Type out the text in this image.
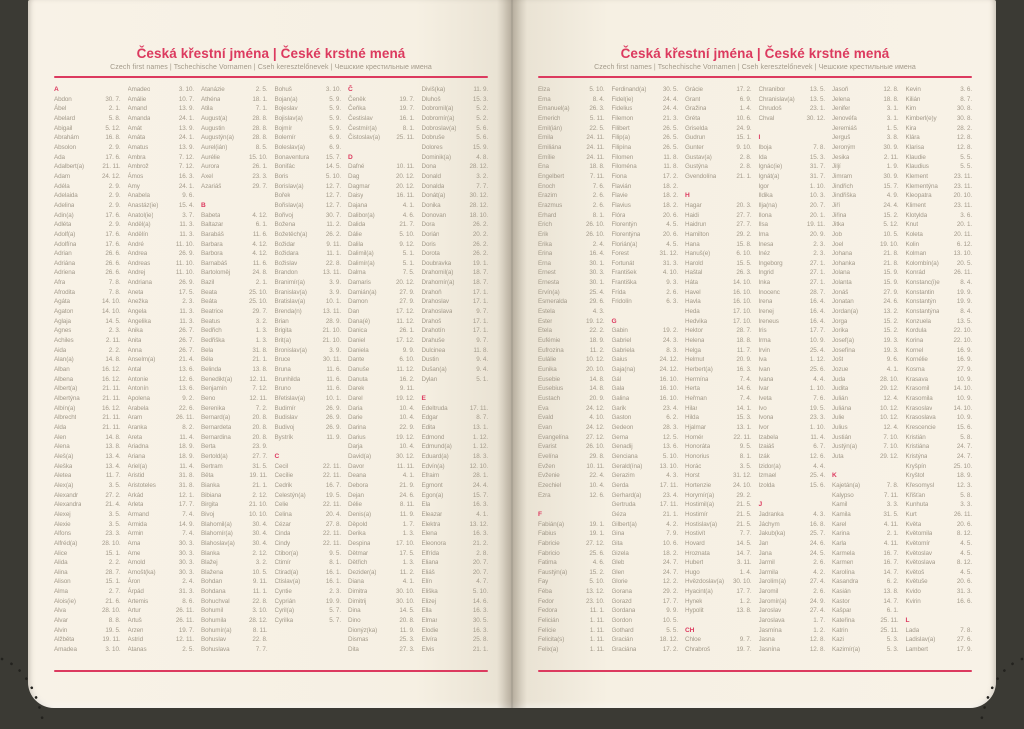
Česká křestní jména | České krstné mená
Czech first names | Tschechische Vornamen | Cseh keresztelőnevek | Чешские крестильные имена
A
Abdon	30. 7.
Ábel	2. 1.
Abelard	5. 8.
Abigail	5. 12.
Abrahám	16. 8.
Absolon	2. 9.
Ada	17. 6.
Adalbert(a)	21. 11.
Adam	24. 12.
Adéla	2. 9.
Adelaida	2. 9.
Adelina	2. 9.
Adin(a)	17. 6.
Adléta	2. 9.
Adolf(a)	17. 6.
Adolfína	17. 6.
Adrian	26. 6.
Adriána	26. 6.
Adriena	26. 6.
Afra	7. 8.
Afrodita	7. 8.
Agáta	14. 10.
Agaton	14. 10.
Aglaja	14. 5.
Agnes	2. 3.
Achiles	2. 11.
Aida	2. 2.
Alan(a)	14. 8.
Alban	16. 12.
Albena	16. 12.
Albert(a)	21. 11.
Albertýna	21. 11.
Albín(a)	16. 12.
Albrecht	21. 11.
Alda	21. 11.
Alen	14. 8.
Alena	13. 8.
Aleš(a)	13. 4.
Aleška	13. 4.
Aletea	11. 7.
Alex(a)	3. 5.
Alexandr	27. 2.
Alexandra	21. 4.
Alexej	3. 5.
Alexie	3. 5.
Alfons	23. 3.
Alfréd(a)	28. 10.
Alice	15. 1.
Alida	2. 2.
Alina	28. 7.
Alison	15. 1.
Alma	2. 7.
Alois(ie)	21. 6.
Alva	28. 10.
Alvar	8. 8.
Alvin	19. 5.
Alžběta	19. 11.
Amadea	3. 10.
Amadeo	3. 10.
Amálie	10. 7.
Amand	13. 9.
Amanda	24. 1.
Amát	13. 9.
Amáta	24. 1.
Amatus	13. 9.
Ambra	7. 12.
Ambrož	7. 12.
Ámos	16. 3.
Amy	24. 1.
Anabela	9. 6.
Anastáz(ie)	15. 4.
Anatol(ie)	3. 7.
Anděl(a)	11. 3.
Andělín	11. 3.
André	11. 10.
Andrea	26. 9.
Andreas	11. 10.
Andrej	11. 10.
Andriana	26. 9.
Aneta	17. 5.
Anežka	2. 3.
Angela	11. 3.
Angelika	11. 3.
Anika	26. 7.
Anita	26. 7.
Anna	26. 7.
Anselm(a)	21. 4.
Antal	13. 6.
Antonie	12. 6.
Antonín	13. 6.
Apolena	9. 2.
Arabela	22. 6.
Aram	26. 11.
Aranka	8. 2.
Areta	11. 4.
Ariadna	18. 9.
Ariana	18. 9.
Ariel(a)	11. 4.
Aristid	31. 8.
Aristoteles	31. 8.
Arkád	12. 1.
Arleta	17. 7.
Armand	7. 4.
Armida	14. 9.
Armin	7. 4.
Arna	30. 3.
Arne	30. 3.
Arnold	30. 3.
Arnošt(ka)	30. 3.
Áron	2. 4.
Árpád	31. 3.
Artemis	8. 6.
Artur	26. 11.
Artuš	26. 11.
Arzen	19. 7.
Astrid	12. 11.
Atanas	2. 5.
Atanázie	2. 5.
Athéna	18. 1.
Atila	7. 1.
August(a)	28. 8.
Augustin	28. 8.
Augustýn(a)	28. 8.
Aurel(ián)	8. 5.
Aurélie	15. 10.
Aurora	26. 1.
Axel	23. 3.
Azariáš	29. 7.
B
Babeta	4. 12.
Baltazar	6. 1.
Barabáš	11. 6.
Barbara	4. 12.
Barbora	4. 12.
Barnabáš	11. 6.
Bartoloměj	24. 8.
Bazil	2. 1.
Beata	25. 10.
Beáta	25. 10.
Beatrice	29. 7.
Beatus	3. 2.
Bedřich	1. 3.
Bedřiška	1. 3.
Bela	31. 8.
Béla	21. 1.
Belinda	13. 8.
Benedikt(a)	12. 11.
Benjamín	7. 12.
Beno	12. 11.
Berenika	7. 2.
Bernard(a)	20. 8.
Bernardeta	20. 8.
Bernardina	20. 8.
Berta	23. 9.
Bertold(a)	27. 7.
Bertram	31. 5.
Běta	19. 11.
Bianka	21. 1.
Bibiana	2. 12.
Birgita	21. 10.
Bivoj	10. 10.
Blahomil(a)	30. 4.
Blahomír(a)	30. 4.
Blahoslav(a)	30. 4.
Blanka	2. 12.
Blažej	3. 2.
Blažena	10. 5.
Bohdan	9. 11.
Bohdana	11. 1.
Bohuchval	22. 8.
Bohumil	3. 10.
Bohumila	28. 12.
Bohumír(a)	8. 11.
Bohuslav	22. 8.
Bohuslava	7. 7.
Bohuš	3. 10.
Bojan(a)	5. 9.
Bojeslav	5. 9.
Bojislav(a)	5. 9.
Bojmír	5. 9.
Bolemír	6. 9.
Boleslav(a)	6. 9.
Bonaventura	15. 7.
Bonifác	14. 5.
Boris	5. 10.
Borislav(a)	12. 7.
Bořek	12. 7.
Bořislav(a)	12. 7.
Bořivoj	30. 7.
Božena	11. 2.
Božetěch(a)	26. 2.
Božidar	9. 11.
Božidara	11. 1.
Božislav	22. 8.
Brandon	13. 11.
Branimír(a)	3. 9.
Branislav(a)	3. 9.
Bratislav(a)	10. 1.
Brenda(n)	13. 11.
Brian	28. 9.
Brigita	21. 10.
Brit(a)	21. 10.
Bronislav(a)	3. 9.
Bruce	30. 11.
Bruna	11. 6.
Brunhilda	11. 6.
Bruno	11. 6.
Břetislav(a)	10. 1.
Budimír	26. 9.
Budislav	26. 9.
Budivoj	26. 9.
Bystrík	11. 9.
C
Cecil	22. 11.
Cecílie	22. 11.
Cedrik	16. 7.
Celestýn(a)	19. 5.
Celie	22. 11.
Celina	20. 4.
Cézar	27. 8.
Cinda	22. 11.
Cindy	22. 11.
Ctibor(a)	9. 5.
Ctimír	8. 1.
Ctirad(a)	16. 1.
Ctislav(a)	16. 1.
Cyntie	2. 3.
Cyprián	19. 9.
Cyril(a)	5. 7.
Cyrilka	5. 7.
Č
Čeněk	19. 7.
Čeňka	19. 7.
Čestislav	16. 1.
Čestmír(a)	8. 1.
Čistoslav(a)	25. 11.
D
Dafné	10. 11.
Dag	20. 12.
Dagmar	20. 12.
Daisy	16. 11.
Dajana	4. 1.
Dalibor(a)	4. 6.
Dalida	21. 7.
Dálie	5. 10.
Dalila	9. 12.
Dalimil(a)	5. 1.
Dalimír(a)	5. 1.
Dalma	7. 5.
Damaris	20. 12.
Damián(a)	27. 9.
Damon	27. 9.
Dan	17. 12.
Dana(é)	11. 12.
Danica	26. 1.
Daniel	17. 12.
Daniela	9. 9.
Dante	6. 10.
Danuše	11. 12.
Danuta	16. 2.
Darek	9. 11.
Darel	19. 12.
Daria	10. 4.
Darie	10. 4.
Darina	22. 9.
Darius	19. 12.
Darja	10. 4.
David(a)	30. 12.
Davor	11. 11.
Deana	4. 1.
Debora	21. 9.
Dejan	24. 6.
Délie	8. 11.
Denis(a)	11. 9.
Děpold	1. 7.
Derika	1. 3.
Despina	17. 10.
Dětmar	17. 5.
Dětřich	1. 3.
Dezider(a)	11. 2.
Diana	4. 1.
Dimitra	30. 10.
Dimitrij	30. 10.
Dina	14. 5.
Dino	20. 8.
Dionýz(ka)	11. 9.
Dismas	25. 3.
Dita	27. 3.
Diviš(ka)	11. 9.
Dluhoš	15. 3.
Dobromil(a)	5. 2.
Dobromír(a)	5. 2.
Dobroslav(a)	5. 6.
Dobruše	5. 6.
Dolores	15. 9.
Dominik(a)	4. 8.
Dona	28. 12.
Donald	3. 2.
Donalda	7. 7.
Donát(a)	30. 12.
Donika	28. 12.
Donovan	18. 10.
Dora	26. 2.
Dorián	20. 2.
Doris	26. 2.
Dorota	26. 2.
Doubravka	19. 1.
Drahomil(a)	18. 7.
Drahomír(a)	18. 7.
Drahoň	17. 1.
Drahoslav	17. 1.
Drahoslava	9. 7.
Drahoš	17. 1.
Drahotín	17. 1.
Drahuše	9. 7.
Dulcinea	11. 8.
Dustin	9. 4.
Dušan(a)	9. 4.
Dylan	5. 1.
E
Edeltruda	17. 11.
Edgar	8. 7.
Edita	13. 1.
Edmond	1. 12.
Edmund(a)	1. 12.
Eduard(a)	18. 3.
Edvín(a)	12. 10.
Efraim	28. 1.
Egmont	24. 4.
Egon(a)	15. 7.
Ela	16. 3.
Eleazar	4. 1.
Elektra	13. 12.
Elena	16. 3.
Eleonora	21. 2.
Elfrída	2. 8.
Eliana	20. 7.
Eliáš	20. 7.
Elín	4. 7.
Eliška	5. 10.
Elizej	14. 6.
Ella	16. 3.
Elmar	30. 5.
Elodie	16. 3.
Elvíra	25. 8.
Elvis	21. 1.
Česká křestní jména | České krstné mená
Czech first names | Tschechische Vornamen | Cseh keresztelőnevek | Чешские крестильные имена
Elza	5. 10.
Ema	8. 4.
Emanuel(a)	26. 3.
Emerich	5. 11.
Emil(ián)	22. 5.
Emila	24. 11.
Emiliána	24. 11.
Emílie	24. 11.
Ena	18. 8.
Engelbert	7. 11.
Enoch	7. 6.
Erazim	2. 6.
Erazmus	2. 6.
Erhard	8. 1.
Erich	26. 10.
Erik	26. 10.
Erika	2. 4.
Erina	16. 4.
Erna	30. 1.
Ernest	30. 3.
Ernesta	30. 1.
Ervín(a)	25. 4.
Esmeralda	29. 6.
Estela	4. 3.
Ester	19. 12.
Etela	22. 2.
Eufémie	18. 9.
Eufrozina	11. 2.
Eulálie	10. 12.
Eunika	20. 10.
Eusebie	14. 8.
Eusebius	14. 8.
Eustach	20. 9.
Eva	24. 12.
Evald	4. 10.
Evan	24. 12.
Evangelína	27. 12.
Evarist	26. 10.
Evelína	29. 8.
Evžen	10. 11.
Evženie	22. 4.
Ezechiel	10. 4.
Ezra	12. 6.
F
Fabián(a)	19. 1.
Fabius	19. 1.
Fabricie	27. 12.
Fabricio	25. 6.
Fatima	4. 6.
Faustýn(a)	15. 2.
Fay	5. 10.
Féba	13. 12.
Fedor	23. 10.
Fedora	11. 1.
Felicián	1. 11.
Felície	1. 11.
Felicita(s)	1. 11.
Felix(a)	1. 11.
Ferdinand(a)	30. 5.
Fidel(ie)	24. 4.
Fidelius	24. 4.
Filemon	21. 3.
Filibert	26. 5.
Filip(a)	26. 5.
Filipína	26. 5.
Filomen	11. 8.
Filoména	11. 8.
Fiona	17. 2.
Flavián	18. 2.
Flavie	18. 2.
Flavius	18. 2.
Flóra	20. 6.
Florentýn	4. 5.
Florentýna	20. 6.
Florián(a)	4. 5.
Forest	31. 12.
Fortunát	31. 3.
František	4. 10.
Františka	9. 3.
Frída	2. 6.
Fridolín	6. 3.
G
Gabin	19. 2.
Gabriel	24. 3.
Gabriela	8. 3.
Gaius	24. 12.
Gaja(na)	24. 12.
Gál	16. 10.
Gala	16. 10.
Galina	16. 10.
Garik	23. 4.
Gaston	6. 2.
Gedeon	28. 3.
Gema	12. 5.
Genadij	13. 6.
Genciana	5. 10.
Gerald(ína)	13. 10.
Gerazim	4. 3.
Gerda	17. 11.
Gerhard(a)	23. 4.
Gertruda	17. 11.
Géza	21. 1.
Gilbert(a)	4. 2.
Gina	7. 9.
Gita	10. 6.
Gizela	18. 2.
Gleb	24. 7.
Glen	24. 7.
Glorie	12. 2.
Gorana	29. 2.
Gorazd	17. 7.
Gordana	9. 9.
Gordon	10. 5.
Gothard	5. 5.
Gracián	18. 12.
Graciána	17. 2.
Grácie	17. 2.
Grant	6. 9.
Gražina	1. 4.
Gréta	10. 6.
Griselda	24. 9.
Gudrun	15. 1.
Gunter	9. 10.
Gustav(a)	2. 8.
Gustýna	2. 8.
Gvendolína	21. 1.
H
Hagar	20. 3.
Haidi	27. 7.
Haidrun	27. 7.
Hamilton	29. 2.
Hana	15. 8.
Hanuš(e)	6. 10.
Harold	15. 5.
Haštal	26. 3.
Háta	14. 10.
Havel	16. 10.
Havla	16. 10.
Heda	17. 10.
Hedvika	17. 10.
Hektor	28. 7.
Helena	18. 8.
Helga	11. 7.
Helmut	20. 9.
Herbert(a)	16. 3.
Hermína	7. 4.
Herta	14. 6.
Heřman	7. 4.
Hilar	14. 1.
Hilda	15. 3.
Hjalmar	13. 1.
Homér	22. 11.
Honoráta	9. 5.
Honorius	8. 1.
Horác	3. 5.
Horst	31. 12.
Hortenzie	24. 10.
Horymír(a)	29. 2.
Hostimil(a)	21. 5.
Hostimír	21. 5.
Hostislav(a)	21. 5.
Hostivít	7. 7.
Hovard	14. 5.
Hroznata	14. 7.
Hubert	3. 11.
Hugo	1. 4.
Hvězdoslav(a)	30. 10.
Hyacint(a)	17. 7.
Hynek	1. 2.
Hypolit	13. 8.
CH
Chloe	9. 7.
Chrabroš	19. 7.
Chranibor	13. 5.
Chranislav(a)	13. 5.
Chrudoš	23. 1.
Chval	30. 12.
I
Iboja	7. 8.
Ida	15. 3.
Ignác(ie)	31. 7.
Ignát(a)	31. 7.
Igor	1. 10.
Ildika	10. 3.
Ilja(na)	20. 7.
Ilona	20. 1.
Ilsa	19. 11.
Ima	20. 9.
Inesa	2. 3.
Inéz	2. 3.
Ingeborg	27. 1.
Ingrid	27. 1.
Inka	27. 1.
Inocenc	28. 7.
Irena	16. 4.
Irenej	16. 4.
Ireneus	16. 4.
Iris	17. 7.
Irma	10. 9.
Irvin	25. 4.
Iva	1. 12.
Ivan	25. 6.
Ivana	4. 4.
Ivar	1. 10.
Iveta	7. 6.
Ivo	19. 5.
Ivona	23. 3.
Ivor	1. 10.
Izabela	11. 4.
Izaiáš	6. 7.
Izák	12. 6.
Izidor(a)	4. 4.
Izmael	25. 4.
Izolda	15. 6.
J
Jadranka	4. 3.
Jáchym	16. 8.
Jakub(ka)	25. 7.
Jan	24. 6.
Jana	24. 5.
Jarmil	2. 6.
Jarmila	4. 2.
Jarolím(a)	27. 4.
Jaromil	2. 6.
Jaromír(a)	24. 9.
Jaroslav	27. 4.
Jaroslava	1. 7.
Jasmína	1. 2.
Jasna	12. 8.
Jasnína	12. 8.
Jasoň	12. 8.
Jelena	18. 8.
Jenifer	3. 1.
Jenovéfa	3. 1.
Jeremiáš	1. 5.
Jerguš	3. 8.
Jeroným	30. 9.
Jesika	2. 11.
Jiljí	1. 9.
Jimram	30. 9.
Jindřich	15. 7.
Jindřiška	4. 9.
Jiří	24. 4.
Jiřina	15. 2.
Jitka	5. 12.
Job	10. 5.
Joel	19. 10.
Johana	21. 8.
Johanka	21. 8.
Jolana	15. 9.
Jolanta	15. 9.
Jonáš	27. 9.
Jonatan	24. 6.
Jordan(a)	13. 2.
Jorga	15. 2.
Jorika	15. 2.
Josef(a)	19. 3.
Josefína	19. 3.
Jošt	9. 6.
Jozue	4. 1.
Juda	28. 10.
Judita	29. 12.
Julián	12. 4.
Juliána	10. 12.
Julie	10. 12.
Julius	12. 4.
Justián	7. 10.
Justýn(a)	7. 10.
Juta	29. 12.
K
Kajetán(a)	7. 8.
Kalypso	7. 11.
Kamil	3. 3.
Kamila	31. 5.
Karel	4. 11.
Karina	2. 1.
Karla	4. 11.
Karmela	16. 7.
Karmen	16. 7.
Karolína	14. 7.
Kasandra	6. 2.
Kasián	13. 8.
Kastor	14. 7.
Kašpar	6. 1.
Kateřina	25. 11.
Katrin	25. 11.
Kazi	5. 3.
Kazimír(a)	5. 3.
Kevin	3. 6.
Kilián	8. 7.
Kim	30. 8.
Kimberl(e)y	30. 8.
Kira	28. 2.
Klára	12. 8.
Klarisa	12. 8.
Klaudie	5. 5.
Klaudius	5. 5.
Klement	23. 11.
Klementýna	23. 11.
Kleopatra	20. 10.
Kliment	23. 11.
Klotylda	3. 6.
Knut	20. 1.
Koleta	20. 11.
Kolin	6. 12.
Kolman	13. 10.
Kolombín(a)	20. 5.
Konrád	26. 11.
Konstanc(i)e	8. 4.
Konstantin	19. 9.
Konstantýn	19. 9.
Konstantýna	8. 4.
Konzuela	13. 5.
Kordula	22. 10.
Korina	22. 10.
Kornel	16. 9.
Kornélie	16. 9.
Kosma	27. 9.
Krasava	10. 9.
Krasomil	14. 10.
Krasomila	10. 9.
Krasoslav	14. 10.
Krasoslava	10. 9.
Krescencie	15. 6.
Kristián	5. 8.
Kristiána	24. 7.
Kristýna	24. 7.
Kryšpín	25. 10.
Kryštof	18. 9.
Křesomysl	12. 3.
Křišťan	5. 8.
Kunhuta	3. 3.
Kurt	26. 11.
Květa	20. 6.
Květomila	8. 12.
Květomír	4. 5.
Květoslav	4. 5.
Květoslava	8. 12.
Květoš	4. 5.
Květuše	20. 6.
Kvido	31. 3.
Kvirin	16. 6.
L
Lada	7. 8.
Ladislav(a)	27. 6.
Lambert	17. 9.
